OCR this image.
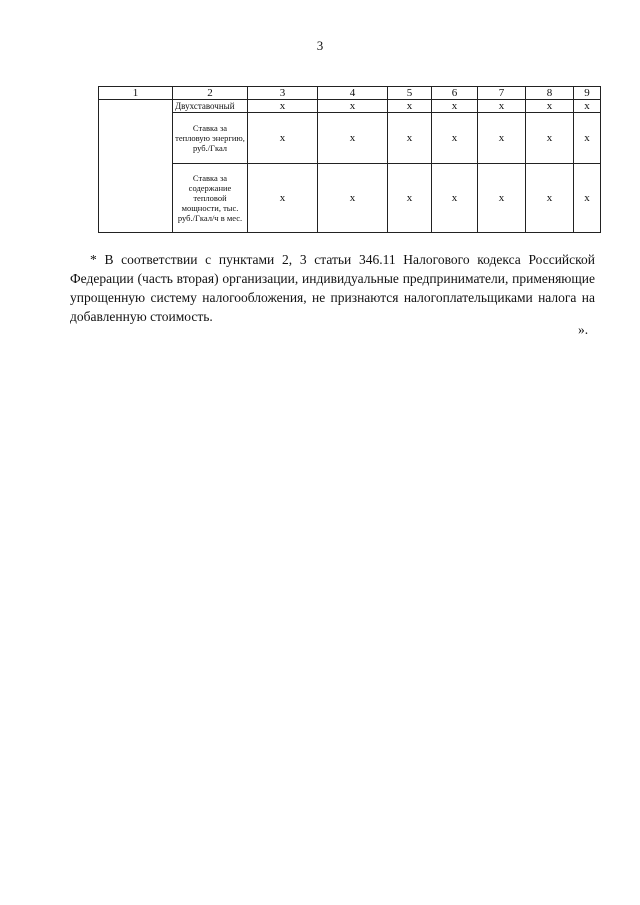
3
1	2	3	4	5	6	7	8	9
	Двухставочный	х	х	х	х	х	х	х
	Ставка за тепловую энергию, руб./Гкал	х	х	х	х	х	х	х
	Ставка за содержание тепловой мощности, тыс. руб./Гкал/ч в мес.	х	х	х	х	х	х	х

* В соответствии с пунктами 2, 3 статьи 346.11 Налогового кодекса Российской Федерации (часть вторая) организации, индивидуальные предприниматели, применяющие упрощенную систему налогообложения, не признаются налогоплательщиками налога на добавленную стоимость.

».
